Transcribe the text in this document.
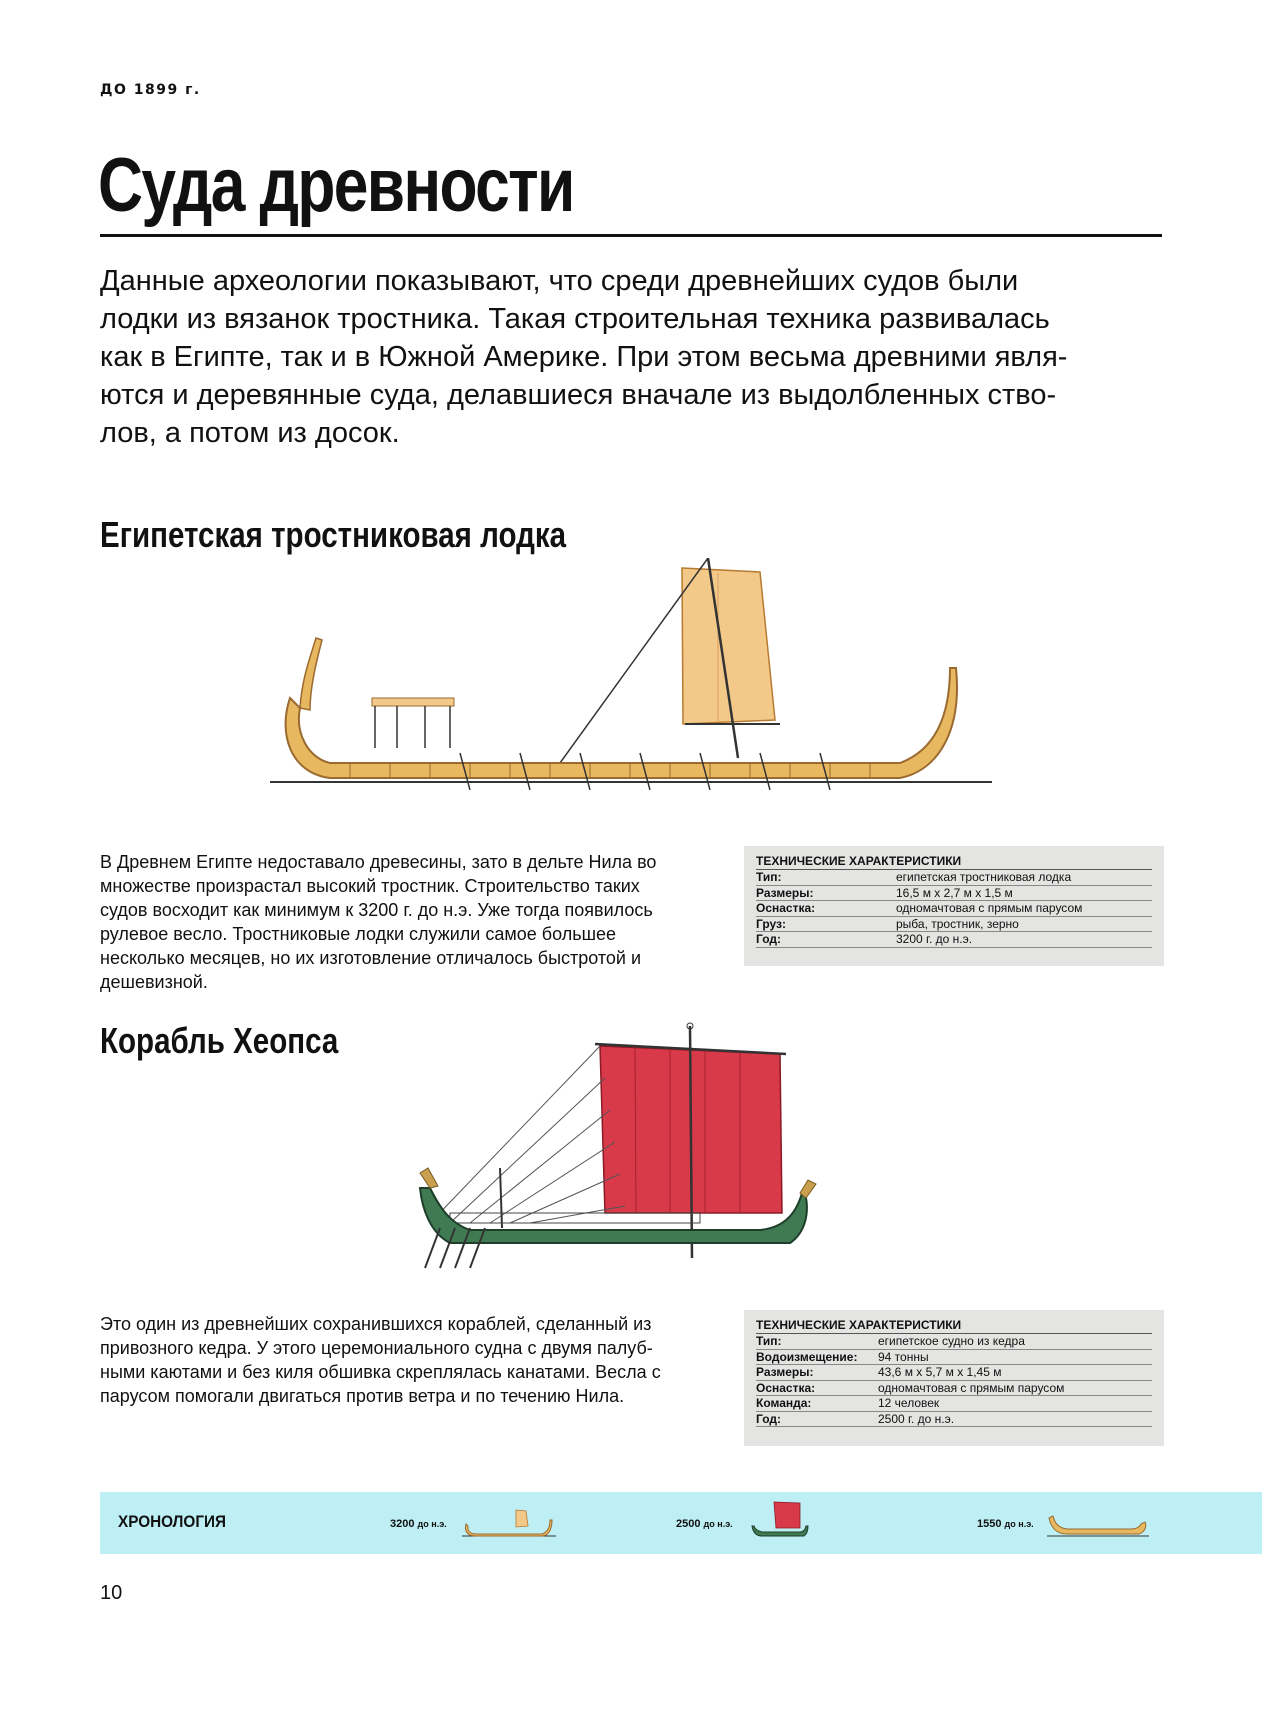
ДО 1899 г.
Суда древности
Данные археологии показывают, что среди древнейших судов были
лодки из вязанок тростника. Такая строительная техника развивалась
как в Египте, так и в Южной Америке. При этом весьма древними явля-
ются и деревянные суда, делавшиеся вначале из выдолбленных ство-
лов, а потом из досок.
Египетская тростниковая лодка
В Древнем Египте недоставало древесины, зато в дельте Нила во
множестве произрастал высокий тростник. Строительство таких
судов восходит как минимум к 3200 г. до н.э. Уже тогда появилось
рулевое весло. Тростниковые лодки служили самое большее
несколько месяцев, но их изготовление отличалось быстротой и
дешевизной.
ТЕХНИЧЕСКИЕ ХАРАКТЕРИСТИКИ
Тип:	египетская тростниковая лодка
Размеры:	16,5 м х 2,7 м х 1,5 м
Оснастка:	одномачтовая с прямым парусом
Груз:	рыба, тростник, зерно
Год:	3200 г. до н.э.
Корабль Хеопса
Это один из древнейших сохранившихся кораблей, сделанный из
привозного кедра. У этого церемониального судна с двумя палуб-
ными каютами и без киля обшивка скреплялась канатами. Весла с
парусом помогали двигаться против ветра и по течению Нила.
ТЕХНИЧЕСКИЕ ХАРАКТЕРИСТИКИ
Тип:	египетское судно из кедра
Водоизмещение:	94 тонны
Размеры:	43,6 м х 5,7 м х 1,45 м
Оснастка:	одномачтовая с прямым парусом
Команда:	12 человек
Год:	2500 г. до н.э.
ХРОНОЛОГИЯ	3200 до н.э.	2500 до н.э.	1550 до н.э.
10
